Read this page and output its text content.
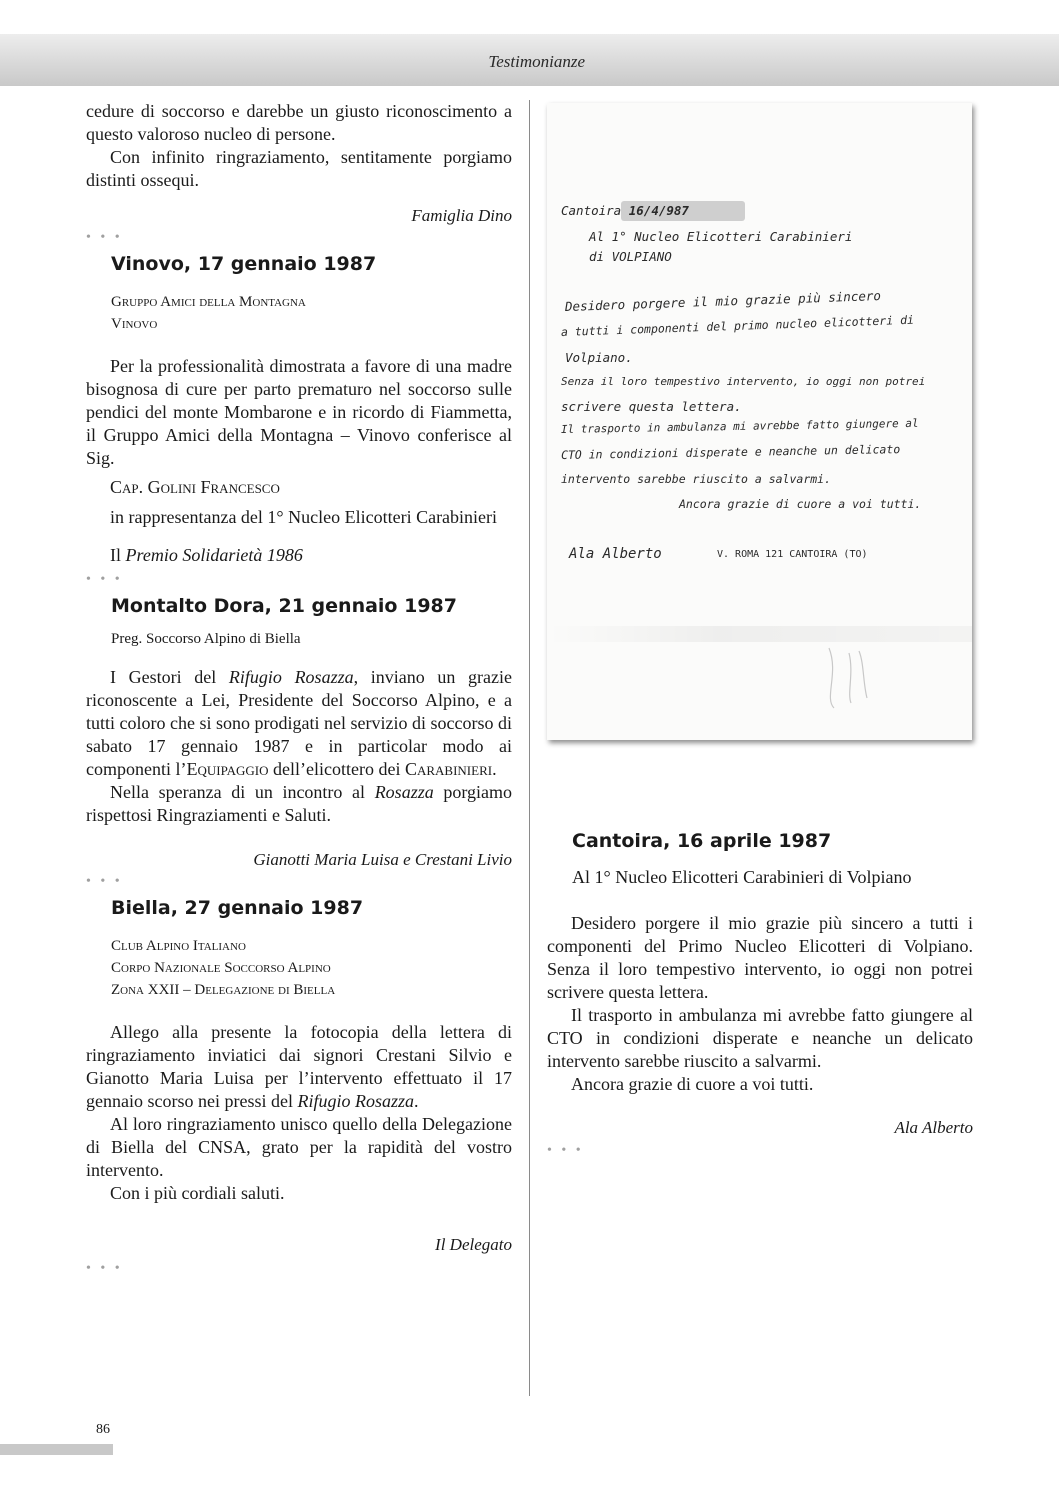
Testimonianze

cedure di soccorso e darebbe un giusto riconoscimento a questo valoroso nucleo di persone.

Con infinito ringraziamento, sentitamente porgiamo distinti ossequi.

Famiglia Dino

• • •
Vinovo, 17 gennaio 1987
Gruppo Amici della Montagna
Vinovo

Per la professionalità dimostrata a favore di una madre bisognosa di cure per parto prematuro nel soccorso sulle pendici del monte Mombarone e in ricordo di Fiammetta, il Gruppo Amici della Montagna – Vinovo conferisce al Sig.

Cap. Golini Francesco

in rappresentanza del 1° Nucleo Elicotteri Carabinieri

Il Premio Solidarietà 1986

• • •
Montalto Dora, 21 gennaio 1987
Preg. Soccorso Alpino di Biella

I Gestori del Rifugio Rosazza, inviano un grazie riconoscente a Lei, Presidente del Soccorso Alpino, e a tutti coloro che si sono prodigati nel servizio di soccorso di sabato 17 gennaio 1987 e in particolar modo ai componenti l’Equipaggio dell’elicottero dei Carabinieri.

Nella speranza di un incontro al Rosazza porgiamo rispettosi Ringraziamenti e Saluti.

Gianotti Maria Luisa e Crestani Livio

• • •
Biella, 27 gennaio 1987
Club Alpino Italiano
Corpo Nazionale Soccorso Alpino
Zona XXII – Delegazione di Biella

Allego alla presente la fotocopia della lettera di ringraziamento inviatici dai signori Crestani Silvio e Gianotto Maria Luisa per l’intervento effettuato il 17 gennaio scorso nei pressi del Rifugio Rosazza.

Al loro ringraziamento unisco quello della Delegazione di Biella del CNSA, grato per la rapidità del vostro intervento.

Con i più cordiali saluti.

Il Delegato

• • •
Cantoira 16/4/987
Al 1° Nucleo Elicotteri Carabinieri
di VOLPIANO
Desidero porgere il mio grazie più sincero
a tutti i componenti del primo nucleo elicotteri di
Volpiano.
Senza il loro tempestivo intervento, io oggi non potrei
scrivere questa lettera.
Il trasporto in ambulanza mi avrebbe fatto giungere al
CTO in condizioni disperate e neanche un delicato
intervento sarebbe riuscito a salvarmi.
Ancora grazie di cuore a voi tutti.
Ala Alberto	V. ROMA 121 CANTOIRA (TO)
Cantoira, 16 aprile 1987

Al 1° Nucleo Elicotteri Carabinieri di Volpiano

Desidero porgere il mio grazie più sincero a tutti i componenti del Primo Nucleo Elicotteri di Volpiano. Senza il loro tempestivo intervento, io oggi non potrei scrivere questa lettera.

Il trasporto in ambulanza mi avrebbe fatto giungere al CTO in condizioni disperate e neanche un delicato intervento sarebbe riuscito a salvarmi.

Ancora grazie di cuore a voi tutti.

Ala Alberto

• • •
86
